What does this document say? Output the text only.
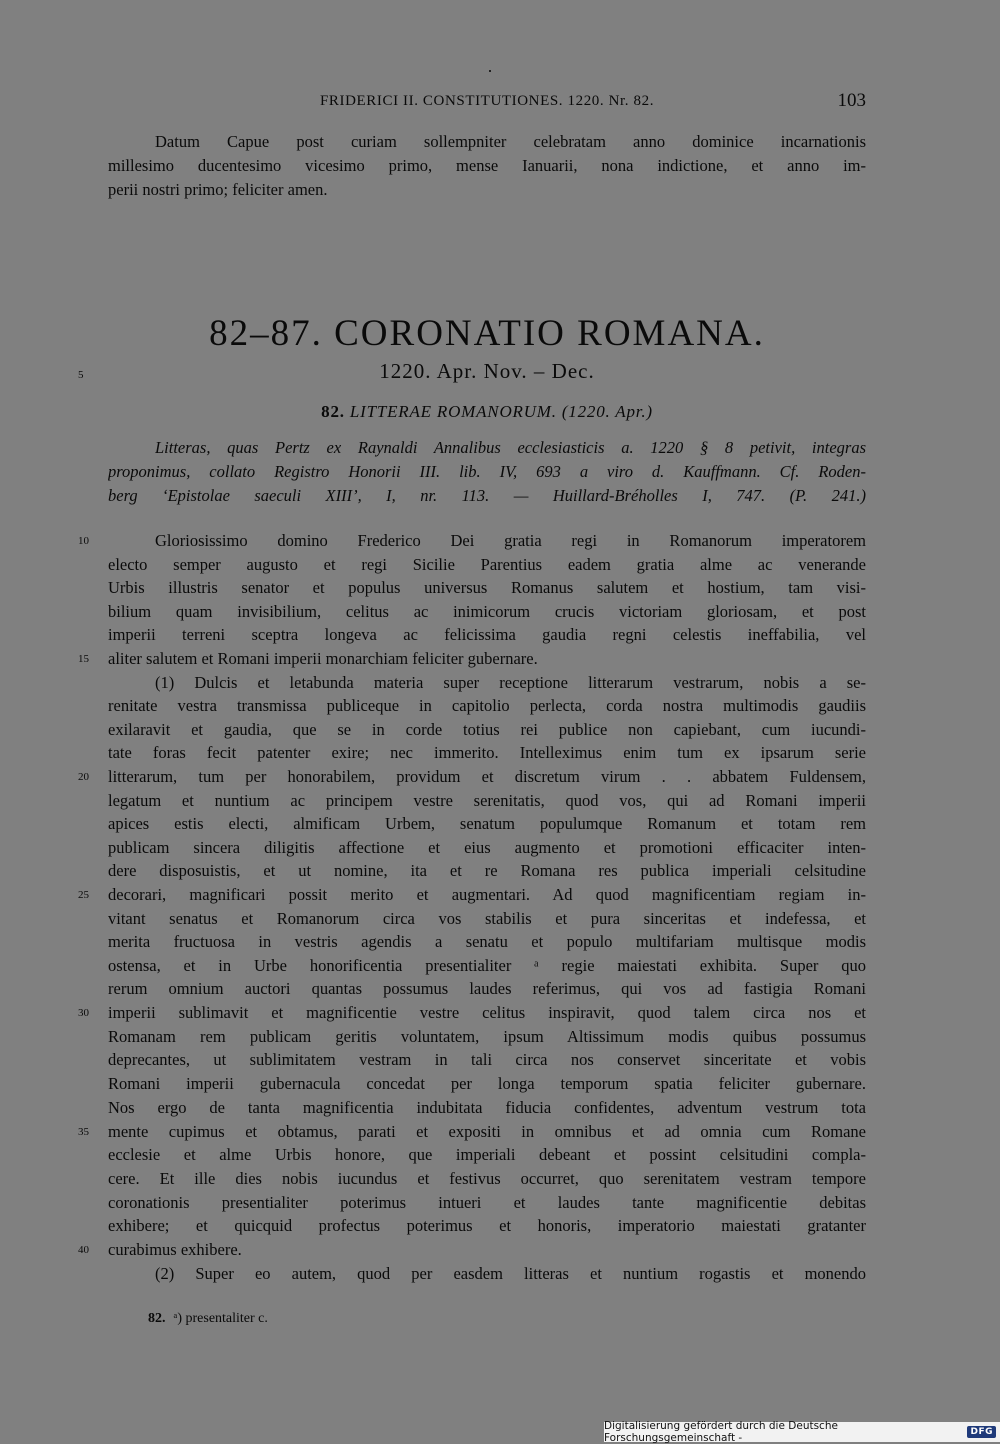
FRIDERICI II. CONSTITUTIONES. 1220. Nr. 82.	103
Datum Capue post curiam sollempniter celebratam anno dominice incarnationis
millesimo ducentesimo vicesimo primo, mense Ianuarii, nona indictione, et anno im-
perii nostri primo; feliciter amen.
82–87. CORONATIO ROMANA.
1220. Apr. Nov. – Dec.
82. LITTERAE ROMANORUM. (1220. Apr.)
Litteras, quas Pertz ex Raynaldi Annalibus ecclesiasticis a. 1220 § 8 petivit, integras
proponimus, collato Registro Honorii III. lib. IV, 693 a viro d. Kauffmann. Cf. Roden-
berg ‘Epistolae saeculi XIII’, I, nr. 113. — Huillard-Bréholles I, 747. (P. 241.)
5
10
15
20
25
30
35
40
Gloriosissimo domino Frederico Dei gratia regi in Romanorum imperatorem
electo semper augusto et regi Sicilie Parentius eadem gratia alme ac venerande
Urbis illustris senator et populus universus Romanus salutem et hostium, tam visi-
bilium quam invisibilium, celitus ac inimicorum crucis victoriam gloriosam, et post
imperii terreni sceptra longeva ac felicissima gaudia regni celestis ineffabilia, vel
aliter salutem et Romani imperii monarchiam feliciter gubernare.
(1) Dulcis et letabunda materia super receptione litterarum vestrarum, nobis a se-
renitate vestra transmissa publiceque in capitolio perlecta, corda nostra multimodis gaudiis
exilaravit et gaudia, que se in corde totius rei publice non capiebant, cum iucundi-
tate foras fecit patenter exire; nec immerito. Intelleximus enim tum ex ipsarum serie
litterarum, tum per honorabilem, providum et discretum virum . . abbatem Fuldensem,
legatum et nuntium ac principem vestre serenitatis, quod vos, qui ad Romani imperii
apices estis electi, almificam Urbem, senatum populumque Romanum et totam rem
publicam sincera diligitis affectione et eius augmento et promotioni efficaciter inten-
dere disposuistis, et ut nomine, ita et re Romana res publica imperiali celsitudine
decorari, magnificari possit merito et augmentari. Ad quod magnificentiam regiam in-
vitant senatus et Romanorum circa vos stabilis et pura sinceritas et indefessa, et
merita fructuosa in vestris agendis a senatu et populo multifariam multisque modis
ostensa, et in Urbe honorificentia presentialiter ᵃ regie maiestati exhibita. Super quo
rerum omnium auctori quantas possumus laudes referimus, qui vos ad fastigia Romani
imperii sublimavit et magnificentie vestre celitus inspiravit, quod talem circa nos et
Romanam rem publicam geritis voluntatem, ipsum Altissimum modis quibus possumus
deprecantes, ut sublimitatem vestram in tali circa nos conservet sinceritate et vobis
Romani imperii gubernacula concedat per longa temporum spatia feliciter gubernare.
Nos ergo de tanta magnificentia indubitata fiducia confidentes, adventum vestrum tota
mente cupimus et obtamus, parati et expositi in omnibus et ad omnia cum Romane
ecclesie et alme Urbis honore, que imperiali debeant et possint celsitudini compla-
cere. Et ille dies nobis iucundus et festivus occurret, quo serenitatem vestram tempore
coronationis presentialiter poterimus intueri et laudes tante magnificentie debitas
exhibere; et quicquid profectus poterimus et honoris, imperatorio maiestati gratanter
curabimus exhibere.
(2) Super eo autem, quod per easdem litteras et nuntium rogastis et monendo
82. ᵃ) presentaliter c.
Digitalisierung gefördert durch die Deutsche Forschungsgemeinschaft -	DFG
